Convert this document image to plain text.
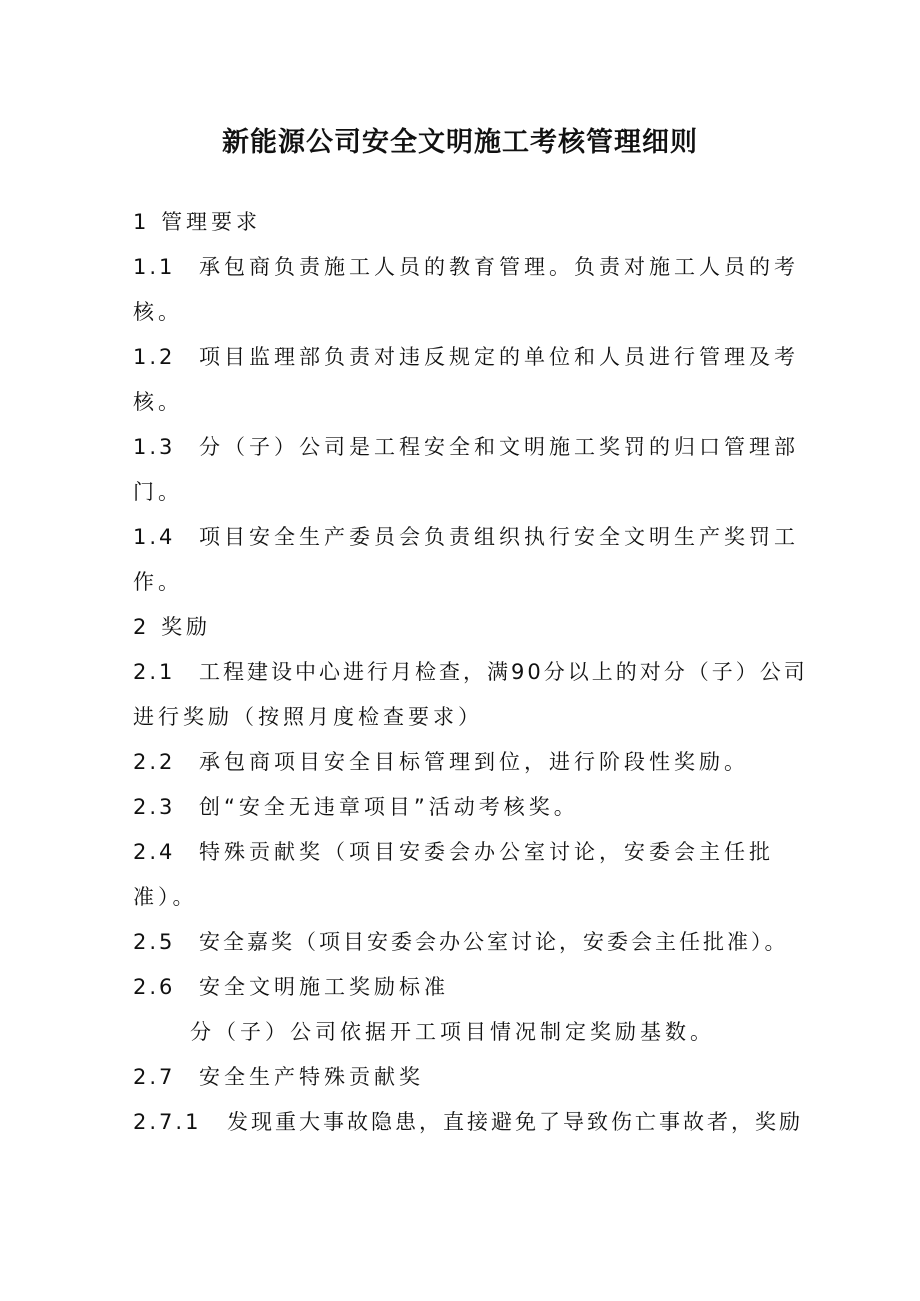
新能源公司安全文明施工考核管理细则
1 管理要求
1.1 承包商负责施工人员的教育管理。负责对施工人员的考
核。
1.2 项目监理部负责对违反规定的单位和人员进行管理及考
核。
1.3 分（子）公司是工程安全和文明施工奖罚的归口管理部
门。
1.4 项目安全生产委员会负责组织执行安全文明生产奖罚工
作。
2 奖励
2.1 工程建设中心进行月检查，满90分以上的对分（子）公司
进行奖励（按照月度检查要求）
2.2 承包商项目安全目标管理到位，进行阶段性奖励。
2.3 创“安全无违章项目”活动考核奖。
2.4 特殊贡献奖（项目安委会办公室讨论，安委会主任批
准）。
2.5 安全嘉奖（项目安委会办公室讨论，安委会主任批准）。
2.6 安全文明施工奖励标准
分（子）公司依据开工项目情况制定奖励基数。
2.7 安全生产特殊贡献奖
2.7.1 发现重大事故隐患，直接避免了导致伤亡事故者，奖励
